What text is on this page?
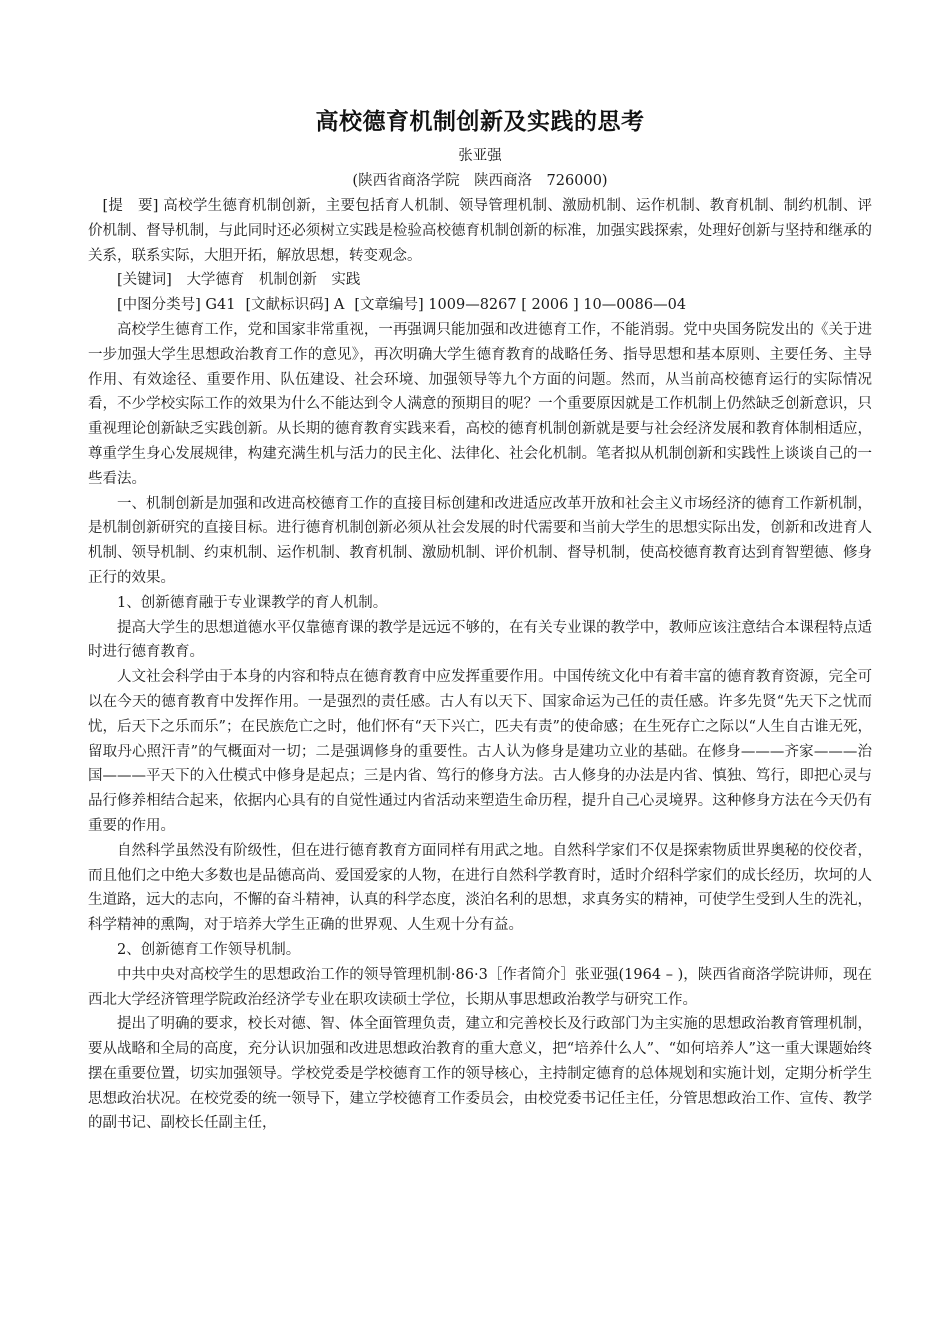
高校德育机制创新及实践的思考
张亚强
(陕西省商洛学院　陕西商洛　726000)

[提　要] 高校学生德育机制创新，主要包括育人机制、领导管理机制、激励机制、运作机制、教育机制、制约机制、评价机制、督导机制，与此同时还必须树立实践是检验高校德育机制创新的标准，加强实践探索，处理好创新与坚持和继承的关系，联系实际，大胆开拓，解放思想，转变观念。

[关键词] 大学德育　机制创新　实践

[中图分类号] G41 [文献标识码] A [文章编号] 1009—8267 [ 2006 ] 10—0086—04

高校学生德育工作，党和国家非常重视，一再强调只能加强和改进德育工作，不能消弱。党中央国务院发出的《关于进一步加强大学生思想政治教育工作的意见》，再次明确大学生德育教育的战略任务、指导思想和基本原则、主要任务、主导作用、有效途径、重要作用、队伍建设、社会环境、加强领导等九个方面的问题。然而，从当前高校德育运行的实际情况看，不少学校实际工作的效果为什么不能达到令人满意的预期目的呢？一个重要原因就是工作机制上仍然缺乏创新意识，只重视理论创新缺乏实践创新。从长期的德育教育实践来看，高校的德育机制创新就是要与社会经济发展和教育体制相适应，尊重学生身心发展规律，构建充满生机与活力的民主化、法律化、社会化机制。笔者拟从机制创新和实践性上谈谈自己的一些看法。

一、机制创新是加强和改进高校德育工作的直接目标创建和改进适应改革开放和社会主义市场经济的德育工作新机制，是机制创新研究的直接目标。进行德育机制创新必须从社会发展的时代需要和当前大学生的思想实际出发，创新和改进育人机制、领导机制、约束机制、运作机制、教育机制、激励机制、评价机制、督导机制，使高校德育教育达到育智塑德、修身正行的效果。

1、创新德育融于专业课教学的育人机制。

提高大学生的思想道德水平仅靠德育课的教学是远远不够的，在有关专业课的教学中，教师应该注意结合本课程特点适时进行德育教育。

人文社会科学由于本身的内容和特点在德育教育中应发挥重要作用。中国传统文化中有着丰富的德育教育资源，完全可以在今天的德育教育中发挥作用。一是强烈的责任感。古人有以天下、国家命运为己任的责任感。许多先贤“先天下之忧而忧，后天下之乐而乐”；在民族危亡之时，他们怀有“天下兴亡，匹夫有责”的使命感；在生死存亡之际以“人生自古谁无死，留取丹心照汗青”的气概面对一切；二是强调修身的重要性。古人认为修身是建功立业的基础。在修身———齐家———治国———平天下的入仕模式中修身是起点；三是内省、笃行的修身方法。古人修身的办法是内省、慎独、笃行，即把心灵与品行修养相结合起来，依据内心具有的自觉性通过内省活动来塑造生命历程，提升自己心灵境界。这种修身方法在今天仍有重要的作用。

自然科学虽然没有阶级性，但在进行德育教育方面同样有用武之地。自然科学家们不仅是探索物质世界奥秘的佼佼者，而且他们之中绝大多数也是品德高尚、爱国爱家的人物，在进行自然科学教育时，适时介绍科学家们的成长经历，坎坷的人生道路，远大的志向，不懈的奋斗精神，认真的科学态度，淡泊名利的思想，求真务实的精神，可使学生受到人生的洗礼，科学精神的熏陶，对于培养大学生正确的世界观、人生观十分有益。

2、创新德育工作领导机制。

中共中央对高校学生的思想政治工作的领导管理机制·86·3［作者简介］张亚强(1964 – )，陕西省商洛学院讲师，现在西北大学经济管理学院政治经济学专业在职攻读硕士学位，长期从事思想政治教学与研究工作。

提出了明确的要求，校长对德、智、体全面管理负责，建立和完善校长及行政部门为主实施的思想政治教育管理机制，要从战略和全局的高度，充分认识加强和改进思想政治教育的重大意义，把“培养什么人”、“如何培养人”这一重大课题始终摆在重要位置，切实加强领导。学校党委是学校德育工作的领导核心，主持制定德育的总体规划和实施计划，定期分析学生思想政治状况。在校党委的统一领导下，建立学校德育工作委员会，由校党委书记任主任，分管思想政治工作、宣传、教学的副书记、副校长任副主任，
